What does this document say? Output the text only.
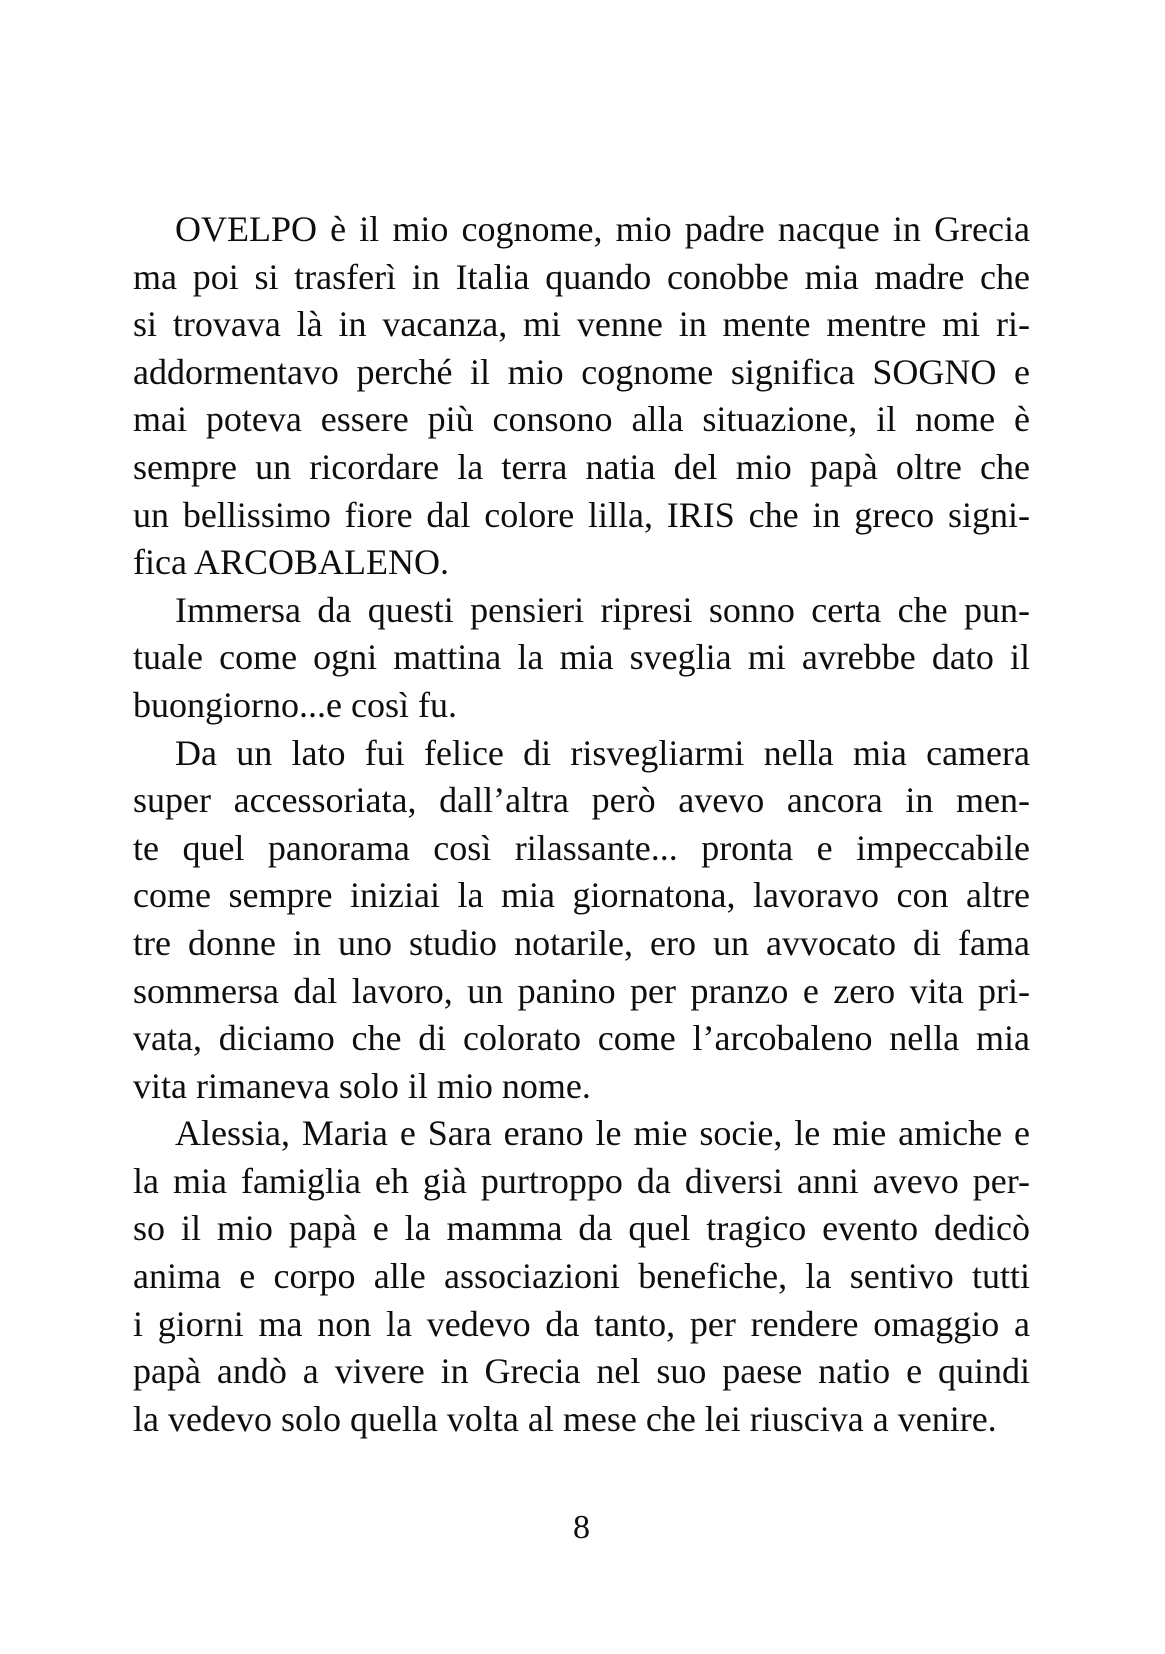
OVELPO è il mio cognome, mio padre nacque in Grecia
ma poi si trasferì in Italia quando conobbe mia madre che
si trovava là in vacanza, mi venne in mente mentre mi ri-
addormentavo perché il mio cognome significa SOGNO e
mai poteva essere più consono alla situazione, il nome è
sempre un ricordare la terra natia del mio papà oltre che
un bellissimo fiore dal colore lilla, IRIS che in greco signi-
fica ARCOBALENO.
Immersa da questi pensieri ripresi sonno certa che pun-
tuale come ogni mattina la mia sveglia mi avrebbe dato il
buongiorno...e così fu.
Da un lato fui felice di risvegliarmi nella mia camera
super accessoriata, dall’altra però avevo ancora in men-
te quel panorama così rilassante... pronta e impeccabile
come sempre iniziai la mia giornatona, lavoravo con altre
tre donne in uno studio notarile, ero un avvocato di fama
sommersa dal lavoro, un panino per pranzo e zero vita pri-
vata, diciamo che di colorato come l’arcobaleno nella mia
vita rimaneva solo il mio nome.
Alessia, Maria e Sara erano le mie socie, le mie amiche e
la mia famiglia eh già purtroppo da diversi anni avevo per-
so il mio papà e la mamma da quel tragico evento dedicò
anima e corpo alle associazioni benefiche, la sentivo tutti
i giorni ma non la vedevo da tanto, per rendere omaggio a
papà andò a vivere in Grecia nel suo paese natio e quindi
la vedevo solo quella volta al mese che lei riusciva a venire.
8
